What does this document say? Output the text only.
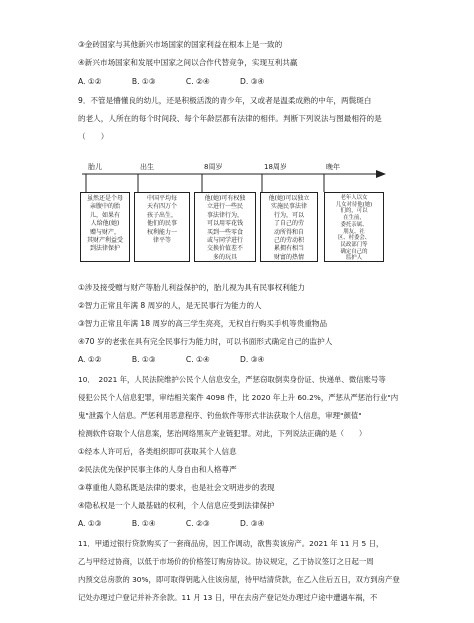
③金砖国家与其他新兴市场国家的国家利益在根本上是一致的
④新兴市场国家和发展中国家之间以合作代替竞争，实现互利共赢
A. ①②　　　　B. ①③　　　　C. ②④　　　　D. ③④
9．不管是懵懂良的幼儿，还是积极活泼的青少年，又或者是温柔成熟的中年，两鬓斑白
的老人，人所在的每个时间段、每个年龄层都有法律的相伴。判断下列说法与图最相符的是
（　　）
胎儿	出生	8周岁	18周岁	晚年
虽然还是个母
亲腹中的胎
儿，如果有
人给他(她)
赠与财产，
其财产利益受
到法律保护
中国平均每
天有四万个
孩子出生，
他们的民事
权利能力一
律平等
他(她)可有权独
立进行一些民
事法律行为，
可以用零花钱
买到一些零食
或与同学进行
交换价值差不
多的玩具
他(她)可以独立
实施民事法律
行为，可以
了自己的劳
动所得和自
己的劳动积
累拥有相当
财富的热情
老年人以女
儿女对待他(她)
们的，可以
在生前，
委托亲属、
朋友、社
区、村委会、
民政部门等
确定自己的
监护人
①涉及接受赠与财产等胎儿利益保护的，胎儿视为具有民事权利能力
②智力正常且年满 8 周岁的人，是无民事行为能力的人
③智力正常且年满 18 周岁的高三学生亮亮，无权自行购买手机等贵重物品
④70 岁的老张在具有完全民事行为能力时，可以书面形式确定自己的监护人
A. ①②　　　　B. ①③　　　　C. ①④　　　　D. ③④
10．　2021 年，人民法院维护公民个人信息安全，严惩窃取倒卖身份证、快递单、微信账号等
侵犯公民个人信息犯罪，审结相关案件 4098 件，比 2020 年上升 60.2%，严惩从严惩治行业"内
鬼"泄露个人信息。严惩利用恶意程序、钓鱼软件等形式非法获取个人信息，审理"颜值"
检测软件窃取个人信息案，惩治网络黑灰产业链犯罪。对此，下列说法正确的是（　　）
①经本人许可后，各类组织即可获取其个人信息
②民法优先保护民事主体的人身自由和人格尊严
③尊重他人隐私既是法律的要求，也是社会文明进步的表现
④隐私权是一个人最基础的权利，个人信息应受到法律保护
A. ①③　　　　B. ①④　　　　C. ②③　　　　D. ③④
11．甲通过银行贷款购买了一套商品房，因工作调动，欲售卖该房产。2021 年 11 月 5 日，
乙与甲经过协商，以低于市场价的价格签订购房协议。协议规定，乙于协议签订之日起一周
内预交总房款的 30%，即可取得钥匙入住该房屋，待甲结清贷款，在乙入住后五日，双方到房产登
记处办理过户登记并补齐余款。11 月 13 日，甲在去房产登记处办理过户途中遭遇车祸，不
